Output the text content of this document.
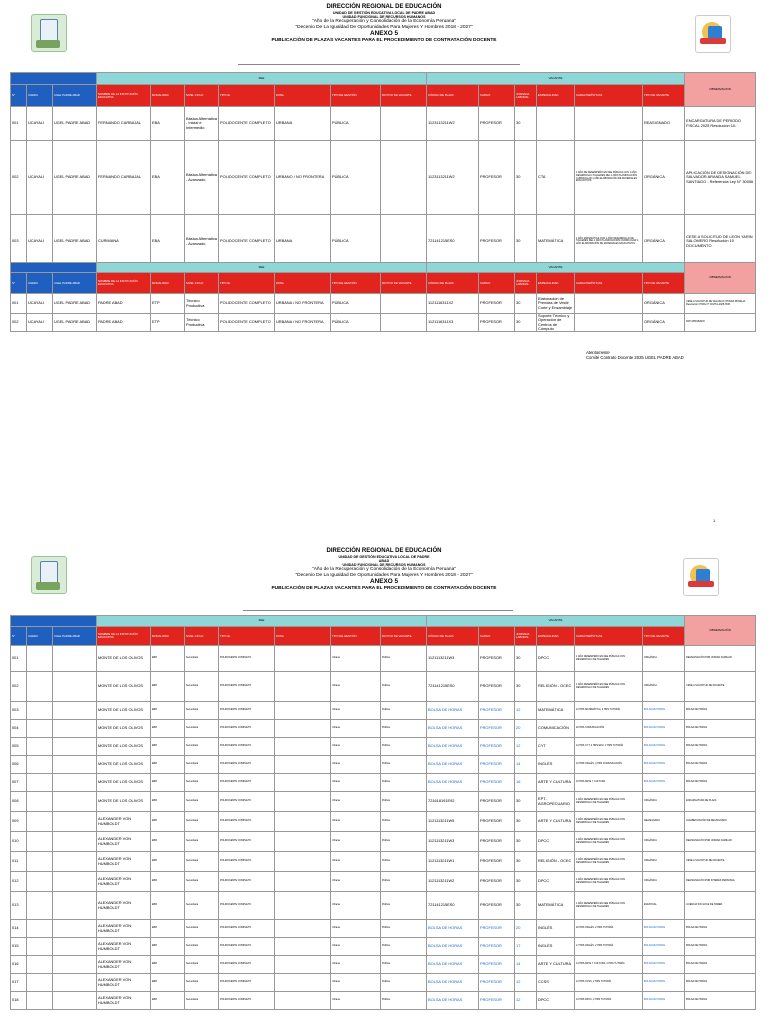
DIRECCIÓN REGIONAL DE EDUCACIÓN
UNIDAD DE GESTIÓN EDUCATIVA LOCAL DE PADRE ABAD
UNIDAD FUNCIONAL DE RECURSOS HUMANOS
"Año de la Recuperación y Consolidación de la Economía Peruana"
"Decenio De La Igualdad De Oportunidades Para Mujeres Y Hombres 2018 - 2027"
ANEXO 5
PUBLICACIÓN DE PLAZAS VACANTES PARA EL PROCEDIMIENTO DE CONTRATACIÓN DOCENTE
			IIEE							VACANTE						OBSERVACION
N°	UGEDU	UGEL PADRE ABAD	NOMBRE DE LA INSTITUCIÓN EDUCATIVA	MODALIDAD	NIVEL CICLO	TIPO IE	ZONA	TIPO DE GESTIÓN	MOTIVO DE VACANTE	CÓDIGO DE PLAZA	CARGO	JORNADA LABORAL	ESPECIALIDAD	CARACTERÍSTICAS	TIPO DE VACANTE	
001	UCAYALI	UGEL PADRE ABAD	FERNANDO CARBAJAL	EBA	Básica Alternativa - Inicial e Intermedio	POLIDOCENTE COMPLETO	URBANA	PÚBLICA		1123113211W2	PROFESOR	30			REASIGNADO	ENCARGATURA DE PERIODO FISCAL 2025 Resolución 10-
002	UCAYALI	UGEL PADRE ABAD	FERNANDO CARBAJAL	EBA	Básica Alternativa - Avanzado	POLIDOCENTE COMPLETO	URBANO / NO FRONTERA	PÚBLICA		1123113211W2	PROFESOR	30	CTA	1 AÑO DE DESEMPEÑO EN IIEE PÚBLICA CON 1 AÑO DESARROLLO TALLERES DEL 1 AÑO PLANIFICACIÓN CURRICULAR 1 AÑO ELABORACIÓN DE MATERIALES EDUCATIVOS	ORGÁNICA	APLICACIÓN DE DESIGNACIÓN DE: SALVADOR ARANDA SAMUEL SANTIAGO - Referencia Ley N° 30056
003	UCAYALI	UGEL PADRE ABAD	CURIMANA	EBA	Básica Alternativa - Avanzado	POLIDOCENTE COMPLETO	URBANA	PÚBLICA		721141215ES0	PROFESOR	30	MATEMÁTICA	1 AÑO MATEMÁTICA CON 1 AÑO DESARROLLO DE TALLERES DEL 1 AÑO PLANIFICACIÓN CURRICULAR 1 AÑO ELABORACIÓN DE MATERIALES EDUCATIVOS	ORGÁNICA	CESE A SOLICITUD DE LEON YARIN SALOMERO Resolución 10 DOCUMENTO
			IIEE							VACANTE						OBSERVACION
N°	UGEDU	UGEL PADRE ABAD	NOMBRE DE LA INSTITUCIÓN EDUCATIVA	MODALIDAD	NIVEL CICLO	TIPO IE	ZONA	TIPO DE GESTIÓN	MOTIVO DE VACANTE	CÓDIGO DE PLAZA	CARGO	JORNADA LABORAL	ESPECIALIDAD	CARACTERÍSTICAS	TIPO DE VACANTE	
001	UCAYALI	UGEL PADRE ABAD	PADRE ABAD	ETP	Técnico Productiva	POLIDOCENTE COMPLETO	URBANA / NO FRONTERA	PÚBLICA		1121116311X2	PROFESOR	30	Elaboración de Prendas de Vestir Corte y Ensamblaje		ORGÁNICA	CESE A SOLICITUD DE VELASCO CHAVEZ ROSELIA Resolución N°DRL N° 001761-2025-HCB
002	UCAYALI	UGEL PADRE ABAD	PADRE ABAD	ETP	Técnico Productiva	POLIDOCENTE COMPLETO	URBANA / NO FRONTERA	PÚBLICA		1121116311X3	PROFESOR	30	Soporte Técnico y Operación de Centros de Cómputo		ORGÁNICA	PAP APROBADO
Atentamente
Comité Contrato Docente 2025 UGEL PADRE ABAD
1
DIRECCIÓN REGIONAL DE EDUCACIÓN
UNIDAD DE GESTIÓN EDUCATIVA LOCAL DE PADRE
ABAD
UNIDAD FUNCIONAL DE RECURSOS HUMANOS
"Año de la Recuperación y Consolidación de la Economía Peruana"
"Decenio De La Igualdad De Oportunidades Para Mujeres Y Hombres 2018 - 2027"
ANEXO 5
PUBLICACIÓN DE PLAZAS VACANTES PARA EL PROCEDIMIENTO DE CONTRATACIÓN DOCENTE
			IIEE							VACANTE						OBSERVACIÓN
N°	UGEDU	UGEL PADRE ABAD	NOMBRE DE LA INSTITUCIÓN EDUCATIVA	MODALIDAD	NIVEL CICLO	TIPO IE	ZONA	TIPO DE GESTIÓN	MOTIVO DE VACANTE	CÓDIGO DE PLAZA	CARGO	JORNADA LABORAL	ESPECIALIDAD	CARACTERÍSTICAS	TIPO DE VACANTE	
001			MONTE DE LOS OLIVOS	EBR	Secundaria	POLIDOCENTE COMPLETO		Urbana	Pública	1121113211W3	PROFESOR	30	DPCC	1 AÑO DESEMPEÑO EN IIEE PÚBLICA CON DESARROLLO DE TALLERES	ORGÁNICA	REASIGNACIÓN POR UNIDAD FAMILIAR
002			MONTE DE LOS OLIVOS	EBR	Secundaria	POLIDOCENTE COMPLETO		Urbana	Pública	721141215ES0	PROFESOR	30	RELIGIÓN - OCEC	1 AÑO DESEMPEÑO EN IIEE PÚBLICA CON DESARROLLO DE TALLERES	ORGÁNICA	CESE A SOLICITUD DE DOCENTE
003			MONTE DE LOS OLIVOS	EBR	Secundaria	POLIDOCENTE COMPLETO		Urbana	Pública	BOLSA DE HORAS	PROFESOR	12	MATEMÁTICA	12 HRS MATEMÁTICA, 2 HRS TUTORÍA	BOLSA DE HORAS	BOLSA DE HORAS
004			MONTE DE LOS OLIVOS	EBR	Secundaria	POLIDOCENTE COMPLETO		Urbana	Pública	BOLSA DE HORAS	PROFESOR	20	COMUNICACIÓN	20 HRS COMUNICACIÓN	BOLSA DE HORAS	BOLSA DE HORAS
005			MONTE DE LOS OLIVOS	EBR	Secundaria	POLIDOCENTE COMPLETO		Urbana	Pública	BOLSA DE HORAS	PROFESOR	12	CYT	12 HRS CYT, 2 HRS EDU. 2 HRS TUTORÍA	BOLSA DE HORAS	BOLSA DE HORAS
006			MONTE DE LOS OLIVOS	EBR	Secundaria	POLIDOCENTE COMPLETO		Urbana	Pública	BOLSA DE HORAS	PROFESOR	14	INGLÉS	10 HRS INGLÉS, 4 HRS COMUNICACIÓN	BOLSA DE HORAS	BOLSA DE HORAS
007			MONTE DE LOS OLIVOS	EBR	Secundaria	POLIDOCENTE COMPLETO		Urbana	Pública	BOLSA DE HORAS	PROFESOR	16	ARTE Y CULTURA	16 HRS ARTE Y CULTURA	BOLSA DE HORAS	BOLSA DE HORAS
008			MONTE DE LOS OLIVOS	EBR	Secundaria	POLIDOCENTE COMPLETO		Urbana	Pública	721618191E92	PROFESOR	30	EPT-AGROPECUARIO	1 AÑO DESEMPEÑO EN IIEE PÚBLICA CON DESARROLLO DE TALLERES	ORGÁNICA	ENCARGATURA DE PLAZA
009			ALEXANDER VON HUMBOLDT	EBR	Secundaria	POLIDOCENTE COMPLETO		Urbana	Pública	1121113211W5	PROFESOR	30	ARTE Y CULTURA	1 AÑO DESEMPEÑO EN IIEE PÚBLICA CON DESARROLLO DE TALLERES	REASIGNADO	ALFABETIZACIÓN DE REASIGNADO
010			ALEXANDER VON HUMBOLDT	EBR	Secundaria	POLIDOCENTE COMPLETO		Urbana	Pública	1121113211W3	PROFESOR	30	DPCC	1 AÑO DESEMPEÑO EN IIEE PÚBLICA CON DESARROLLO DE TALLERES	ORGÁNICA	REASIGNACIÓN POR UNIDAD FAMILIAR
011			ALEXANDER VON HUMBOLDT	EBR	Secundaria	POLIDOCENTE COMPLETO		Urbana	Pública	1121113211W1	PROFESOR	30	RELIGIÓN - OCEC	1 AÑO DESEMPEÑO EN IIEE PÚBLICA CON DESARROLLO DE TALLERES	ORGÁNICA	CESE A SOLICITUD DE DOCENTE
012			ALEXANDER VON HUMBOLDT	EBR	Secundaria	POLIDOCENTE COMPLETO		Urbana	Pública	1121113211W2	PROFESOR	30	DPCC	1 AÑO DESEMPEÑO EN IIEE PÚBLICA CON DESARROLLO DE TALLERES	ORGÁNICA	REASIGNACIÓN POR INTERÉS PERSONAL
013			ALEXANDER VON HUMBOLDT	EBR	Secundaria	POLIDOCENTE COMPLETO		Urbana	Pública	721141215ES0	PROFESOR	30	MATEMÁTICA	1 AÑO DESEMPEÑO EN IIEE PÚBLICA CON DESARROLLO DE TALLERES	EVENTUAL	LICENCIA SIN GOCE DE HABER
014			ALEXANDER VON HUMBOLDT	EBR	Secundaria	POLIDOCENTE COMPLETO		Urbana	Pública	BOLSA DE HORAS	PROFESOR	20	INGLÉS	20 HRS INGLÉS, 2 HRS TUTORÍA	BOLSA DE HORAS	BOLSA DE HORAS
015			ALEXANDER VON HUMBOLDT	EBR	Secundaria	POLIDOCENTE COMPLETO		Urbana	Pública	BOLSA DE HORAS	PROFESOR	17	INGLÉS	17 HRS INGLÉS, 2 HRS TUTORÍA	BOLSA DE HORAS	BOLSA DE HORAS
016			ALEXANDER VON HUMBOLDT	EBR	Secundaria	POLIDOCENTE COMPLETO		Urbana	Pública	BOLSA DE HORAS	PROFESOR	14	ARTE Y CULTURA	14 HRS ARTE Y CULTURA, 2 HRS TUTORÍA	BOLSA DE HORAS	BOLSA DE HORAS
017			ALEXANDER VON HUMBOLDT	EBR	Secundaria	POLIDOCENTE COMPLETO		Urbana	Pública	BOLSA DE HORAS	PROFESOR	12	CCSS	12 HRS CCSS, 2 HRS TUTORÍA	BOLSA DE HORAS	BOLSA DE HORAS
018			ALEXANDER VON HUMBOLDT	EBR	Secundaria	POLIDOCENTE COMPLETO		Urbana	Pública	BOLSA DE HORAS	PROFESOR	12	DPCC	12 HRS DPCC, 2 HRS TUTORÍA	BOLSA DE HORAS	BOLSA DE HORAS
